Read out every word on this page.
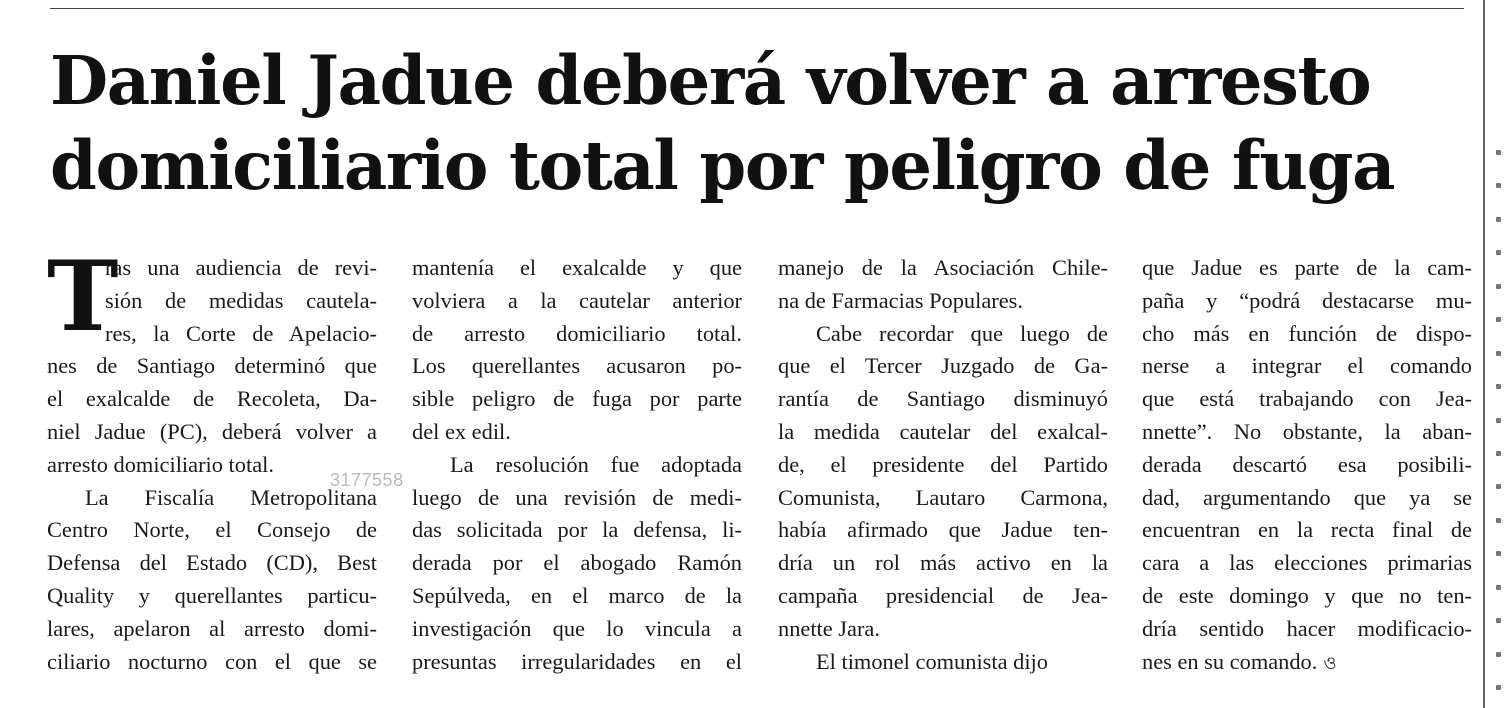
Daniel Jadue deberá volver a arresto
domiciliario total por peligro de fuga
T
ras una audiencia de revi-
sión de medidas cautela-
res, la Corte de Apelacio-
nes de Santiago determinó que
el exalcalde de Recoleta, Da-
niel Jadue (PC), deberá volver a
arresto domiciliario total.
La Fiscalía Metropolitana
Centro Norte, el Consejo de
Defensa del Estado (CD), Best
Quality y querellantes particu-
lares, apelaron al arresto domi-
ciliario nocturno con el que se
mantenía el exalcalde y que
volviera a la cautelar anterior
de arresto domiciliario total.
Los querellantes acusaron po-
sible peligro de fuga por parte
del ex edil.
La resolución fue adoptada
luego de una revisión de medi-
das solicitada por la defensa, li-
derada por el abogado Ramón
Sepúlveda, en el marco de la
investigación que lo vincula a
presuntas irregularidades en el
manejo de la Asociación Chile-
na de Farmacias Populares.
Cabe recordar que luego de
que el Tercer Juzgado de Ga-
rantía de Santiago disminuyó
la medida cautelar del exalcal-
de, el presidente del Partido
Comunista, Lautaro Carmona,
había afirmado que Jadue ten-
dría un rol más activo en la
campaña presidencial de Jea-
nnette Jara.
El timonel comunista dijo
que Jadue es parte de la cam-
paña y “podrá destacarse mu-
cho más en función de dispo-
nerse a integrar el comando
que está trabajando con Jea-
nnette”. No obstante, la aban-
derada descartó esa posibili-
dad, argumentando que ya se
encuentran en la recta final de
cara a las elecciones primarias
de este domingo y que no ten-
dría sentido hacer modificacio-
nes en su comando. ও
3177558
